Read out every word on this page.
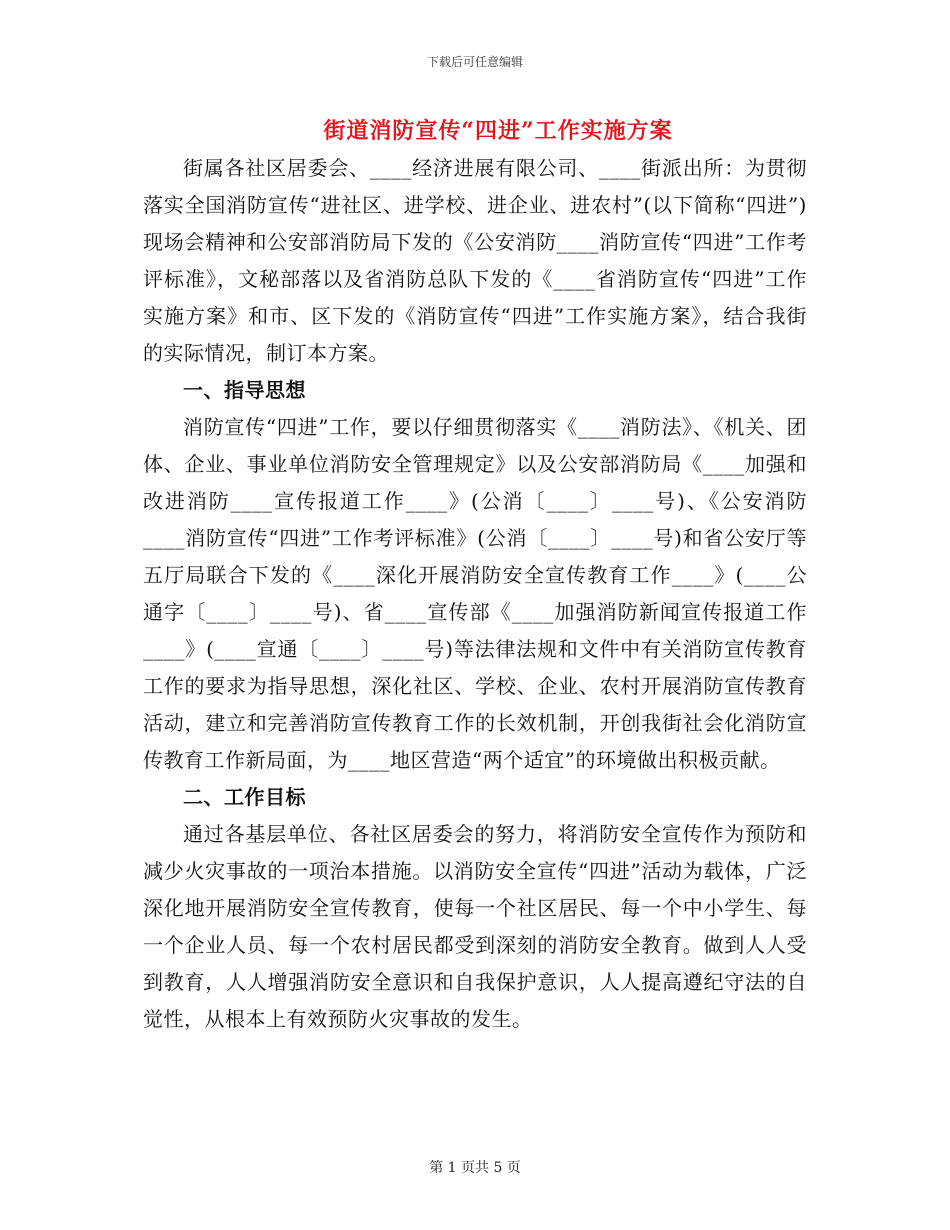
下载后可任意编辑
街道消防宣传“四进”工作实施方案

街属各社区居委会、____经济进展有限公司、____街派出所：为贯彻落实全国消防宣传“进社区、进学校、进企业、进农村”(以下简称“四进”)现场会精神和公安部消防局下发的《公安消防____消防宣传“四进”工作考评标准》，文秘部落以及省消防总队下发的《____省消防宣传“四进”工作实施方案》和市、区下发的《消防宣传“四进”工作实施方案》，结合我街的实际情况，制订本方案。

一、指导思想

消防宣传“四进”工作，要以仔细贯彻落实《____消防法》、《机关、团体、企业、事业单位消防安全管理规定》以及公安部消防局《____加强和改进消防____宣传报道工作____》(公消〔____〕____号)、《公安消防____消防宣传“四进”工作考评标准》(公消〔____〕____号)和省公安厅等五厅局联合下发的《____深化开展消防安全宣传教育工作____》(____公通字〔____〕____号)、省____宣传部《____加强消防新闻宣传报道工作____》(____宣通〔____〕____号)等法律法规和文件中有关消防宣传教育工作的要求为指导思想，深化社区、学校、企业、农村开展消防宣传教育活动，建立和完善消防宣传教育工作的长效机制，开创我街社会化消防宣传教育工作新局面，为____地区营造“两个适宜”的环境做出积极贡献。

二、工作目标

通过各基层单位、各社区居委会的努力，将消防安全宣传作为预防和减少火灾事故的一项治本措施。以消防安全宣传“四进”活动为载体，广泛深化地开展消防安全宣传教育，使每一个社区居民、每一个中小学生、每一个企业人员、每一个农村居民都受到深刻的消防安全教育。做到人人受到教育，人人增强消防安全意识和自我保护意识，人人提高遵纪守法的自觉性，从根本上有效预防火灾事故的发生。

第 1 页共 5 页
